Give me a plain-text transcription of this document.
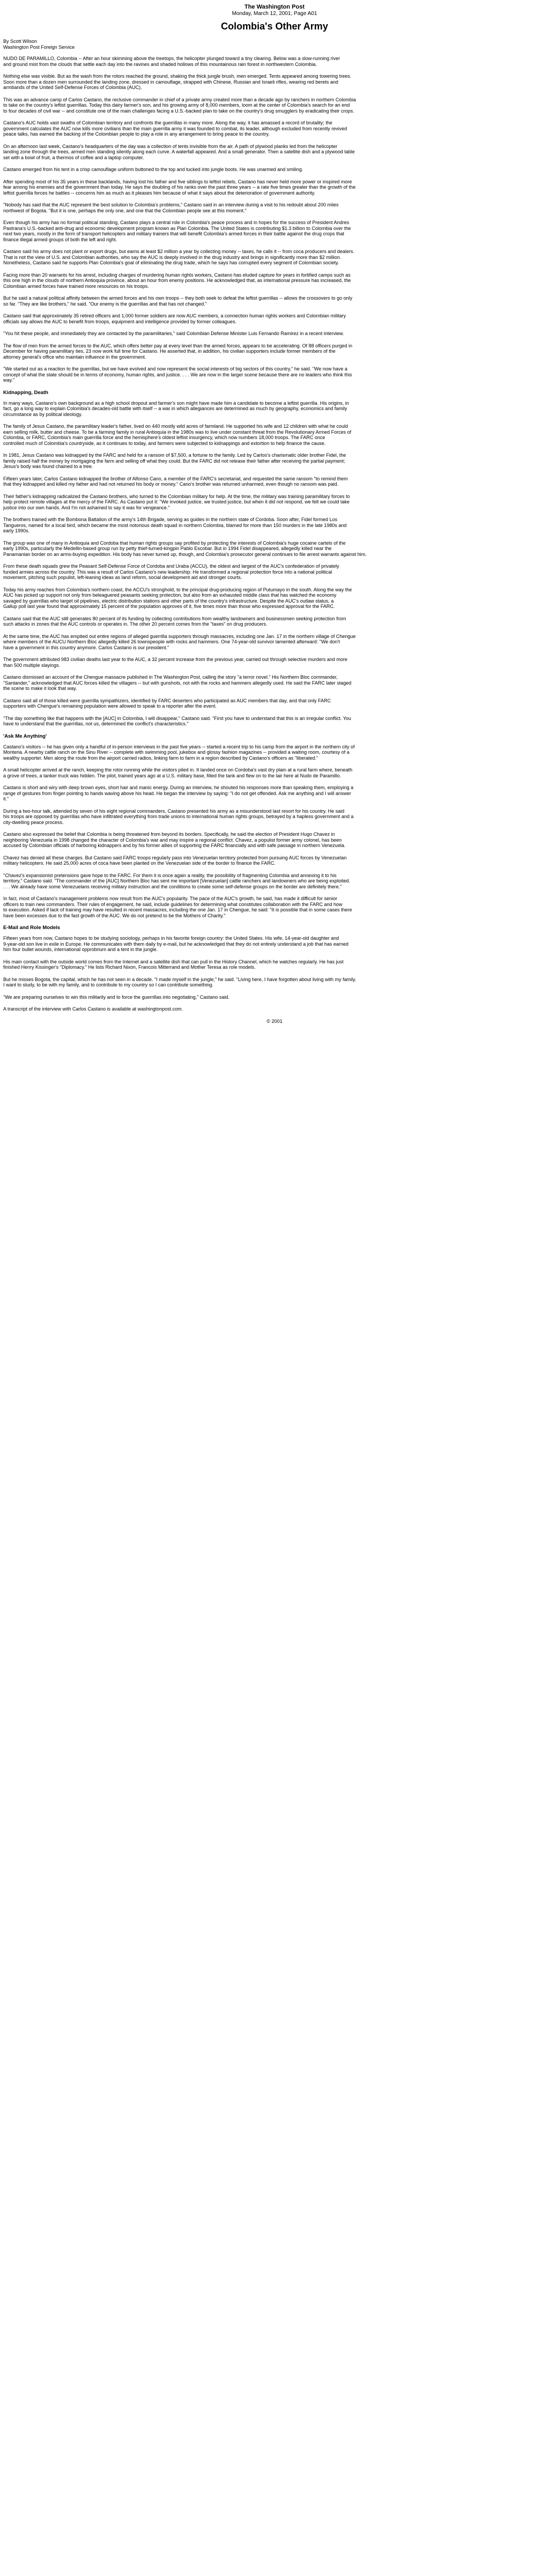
The Washington Post
Monday, March 12, 2001; Page A01
Colombia's Other Army
By Scott Wilson
Washington Post Foreign Service

NUDO DE PARAMILLO, Colombia -- After an hour skimming above the treetops, the helicopter plunged toward a tiny clearing. Below was a slow-running river
and ground mist from the clouds that settle each day into the ravines and shaded hollows of this mountainous rain forest in northwestern Colombia.

Nothing else was visible. But as the wash from the rotors reached the ground, shaking the thick jungle brush, men emerged. Tents appeared among towering trees.
Soon more than a dozen men surrounded the landing zone, dressed in camouflage, strapped with Chinese, Russian and Israeli rifles, wearing red berets and
armbands of the United Self-Defense Forces of Colombia (AUC).

This was an advance camp of Carlos Castano, the reclusive commander in chief of a private army created more than a decade ago by ranchers in northern Colombia
to take on the country's leftist guerrillas. Today this dairy farmer's son, and his growing army of 8,000 members, loom at the center of Colombia's search for an end
to four decades of civil war -- and constitute one of the main challenges facing a U.S.-backed plan to take on the country's drug smugglers by eradicating their crops.

Castano's AUC holds vast swaths of Colombian territory and confronts the guerrillas in many more. Along the way, it has amassed a record of brutality; the
government calculates the AUC now kills more civilians than the main guerrilla army it was founded to combat, its leader, although excluded from recently revived
peace talks, has earned the backing of the Colombian people to play a role in any arrangement to bring peace to the country.

On an afternoon last week, Castano's headquarters of the day was a collection of tents invisible from the air. A path of plywood planks led from the helicopter
landing zone through the trees, armed men standing silently along each curve. A waterfall appeared. And a small generator. Then a satellite dish and a plywood table
set with a bowl of fruit, a thermos of coffee and a laptop computer.

Castano emerged from his tent in a crisp camouflage uniform buttoned to the top and tucked into jungle boots. He was unarmed and smiling.

After spending most of his 35 years in these backlands, having lost his father and five siblings to leftist rebels, Castano has never held more power or inspired more
fear among his enemies and the government than today. He says the doubling of his ranks over the past three years -- a rate five times greater than the growth of the
leftist guerrilla forces he battles -- concerns him as much as it pleases him because of what it says about the deterioration of government authority.

"Nobody has said that the AUC represent the best solution to Colombia's problems," Castano said in an interview during a visit to his redoubt about 200 miles
northwest of Bogota. "But it is one, perhaps the only one, and one that the Colombian people see at this moment."

Even though his army has no formal political standing, Castano plays a central role in Colombia's peace process and in hopes for the success of President Andres
Pastrana's U.S.-backed anti-drug and economic development program known as Plan Colombia. The United States is contributing $1.3 billion to Colombia over the
next two years, mostly in the form of transport helicopters and military trainers that will benefit Colombia's armed forces in their battle against the drug crops that
finance illegal armed groups of both the left and right.

Castano said his army does not plant or export drugs, but earns at least $2 million a year by collecting money -- taxes, he calls it -- from coca producers and dealers.
That is not the view of U.S. and Colombian authorities, who say the AUC is deeply involved in the drug industry and brings in significantly more than $2 million.
Nonetheless, Castano said he supports Plan Colombia's goal of eliminating the drug trade, which he says has corrupted every segment of Colombian society.

Facing more than 20 warrants for his arrest, including charges of murdering human rights workers, Castano has eluded capture for years in fortified camps such as
this one high in the clouds of northern Antioquia province, about an hour from enemy positions. He acknowledged that, as international pressure has increased, the
Colombian armed forces have trained more resources on his troops.

But he said a natural political affinity between the armed forces and his own troops -- they both seek to defeat the leftist guerrillas -- allows the crossovers to go only
so far. "They are like brothers," he said. "Our enemy is the guerrillas and that has not changed."

Castano said that approximately 35 retired officers and 1,000 former soldiers are now AUC members, a connection human rights workers and Colombian military
officials say allows the AUC to benefit from troops, equipment and intelligence provided by former colleagues.

"You hit these people, and immediately they are contacted by the paramilitaries," said Colombian Defense Minister Luis Fernando Ramirez in a recent interview.

The flow of men from the armed forces to the AUC, which offers better pay at every level than the armed forces, appears to be accelerating. Of 88 officers purged in
December for having paramilitary ties, 23 now work full time for Castano. He asserted that, in addition, his civilian supporters include former members of the
attorney general's office who maintain influence in the government.

"We started out as a reaction to the guerrillas, but we have evolved and now represent the social interests of big sectors of this country," he said. "We now have a
concept of what the state should be in terms of economy, human rights, and justice. . . . We are now in the larger scene because there are no leaders who think this
way."

Kidnapping, Death

In many ways, Castano's own background as a high school dropout and farmer's son might have made him a candidate to become a leftist guerrilla. His origins, in
fact, go a long way to explain Colombia's decades-old battle with itself -- a war in which allegiances are determined as much by geography, economics and family
circumstance as by political ideology.

The family of Jesus Castano, the paramilitary leader's father, lived on 440 mostly wild acres of farmland. He supported his wife and 12 children with what he could
earn selling milk, butter and cheese. To be a farming family in rural Antioquia in the 1980s was to live under constant threat from the Revolutionary Armed Forces of
Colombia, or FARC, Colombia's main guerrilla force and the hemisphere's oldest leftist insurgency, which now numbers 18,000 troops. The FARC once
controlled much of Colombia's countryside, as it continues to today, and farmers were subjected to kidnappings and extortion to help finance the cause.

In 1981, Jesus Castano was kidnapped by the FARC and held for a ransom of $7,500, a fortune to the family. Led by Carlos's charismatic older brother Fidel, the
family raised half the money by mortgaging the farm and selling off what they could. But the FARC did not release their father after receiving the partial payment;
Jesus's body was found chained to a tree.

Fifteen years later, Carlos Castano kidnapped the brother of Alfonso Cano, a member of the FARC's secretariat, and requested the same ransom "to remind them
that they kidnapped and killed my father and had not returned his body or money." Cano's brother was returned unharmed, even though no ransom was paid.

Their father's kidnapping radicalized the Castano brothers, who turned to the Colombian military for help. At the time, the military was training paramilitary forces to
help protect remote villages at the mercy of the FARC. As Castano put it: "We invoked justice, we trusted justice, but when it did not respond, we felt we could take
justice into our own hands. And I'm not ashamed to say it was for vengeance."

The brothers trained with the Bombona Battalion of the army's 14th Brigade, serving as guides in the northern state of Cordoba. Soon after, Fidel formed Los
Tangueros, named for a local bird, which became the most notorious death squad in northern Colombia, blamed for more than 150 murders in the late 1980s and
early 1990s.

The group was one of many in Antioquia and Cordoba that human rights groups say profited by protecting the interests of Colombia's huge cocaine cartels of the
early 1990s, particularly the Medellin-based group run by petty thief-turned-kingpin Pablo Escobar. But in 1994 Fidel disappeared, allegedly killed near the
Panamanian border on an arms-buying expedition. His body has never turned up, though, and Colombia's prosecutor general continues to file arrest warrants against him.

From these death squads grew the Peasant Self-Defense Force of Cordoba and Uraba (ACCU), the oldest and largest of the AUC's confederation of privately
funded armies across the country. This was a result of Carlos Castano's new leadership: He transformed a regional protection force into a national political
movement, pitching such populist, left-leaning ideas as land reform, social development aid and stronger courts.

Today his army reaches from Colombia's northern coast, the ACCU's stronghold, to the principal drug-producing region of Putumayo in the south. Along the way the
AUC has picked up support not only from beleaguered peasants seeking protection, but also from an exhausted middle class that has watched the economy
savaged by guerrillas who target oil pipelines, electric distribution stations and other parts of the country's infrastructure. Despite the AUC's outlaw status, a
Gallup poll last year found that approximately 15 percent of the population approves of it, five times more than those who expressed approval for the FARC.

Castano said that the AUC still generates 80 percent of its funding by collecting contributions from wealthy landowners and businessmen seeking protection from
such attacks in zones that the AUC controls or operates in. The other 20 percent comes from the "taxes" on drug producers.

At the same time, the AUC has emptied out entire regions of alleged guerrilla supporters through massacres, including one Jan. 17 in the northern village of Chengue
where members of the AUCU Northern Bloc allegedly killed 26 townspeople with rocks and hammers. One 74-year-old survivor lamented afterward: "We don't
have a government in this country anymore. Carlos Castano is our president."

The government attributed 983 civilian deaths last year to the AUC, a 32 percent increase from the previous year, carried out through selective murders and more
than 500 multiple slayings.

Castano dismissed an account of the Chengue massacre published in The Washington Post, calling the story "a terror novel." His Northern Bloc commander,
"Santander," acknowledged that AUC forces killed the villagers -- but with gunshots, not with the rocks and hammers allegedly used. He said the FARC later staged
the scene to make it look that way.

Castano said all of those killed were guerrilla sympathizers, identified by FARC deserters who participated as AUC members that day, and that only FARC
supporters with Chengue's remaining population were allowed to speak to a reporter after the event.

"The day something like that happens with the [AUC] in Colombia, I will disappear," Castano said. "First you have to understand that this is an irregular conflict. You
have to understand that the guerrillas, not us, determined the conflict's characteristics."

'Ask Me Anything'

Castano's visitors -- he has given only a handful of in-person interviews in the past five years -- started a recent trip to his camp from the airport in the northern city of
Monteria. A nearby cattle ranch on the Sinu River -- complete with swimming pool, jukebox and glossy fashion magazines -- provided a waiting room, courtesy of a
wealthy supporter. Men along the route from the airport carried radios, linking farm to farm in a region described by Castano's officers as "liberated."

A small helicopter arrived at the ranch, keeping the rotor running while the visitors piled in. It landed once on Cordoba's vast dry plain at a rural farm where, beneath
a grove of trees, a tanker truck was hidden. The pilot, trained years ago at a U.S. military base, filled the tank and flew on to the lair here at Nudo de Paramillo.

Castano is short and wiry with deep brown eyes, short hair and manic energy. During an interview, he shouted his responses more than speaking them, employing a
range of gestures from finger pointing to hands waving above his head. He began the interview by saying: "I do not get offended. Ask me anything and I will answer
it."

During a two-hour talk, attended by seven of his eight regional commanders, Castano presented his army as a misunderstood last resort for his country. He said
his troops are opposed by guerrillas who have infiltrated everything from trade unions to international human rights groups, betrayed by a hapless government and a
city-dwelling peace process.

Castano also expressed the belief that Colombia is being threatened from beyond its borders. Specifically, he said the election of President Hugo Chavez in
neighboring Venezuela in 1998 changed the character of Colombia's war and may inspire a regional conflict. Chavez, a populist former army colonel, has been
accused by Colombian officials of harboring kidnappers and by his former allies of supporting the FARC financially and with safe passage in northern Venezuela.

Chavez has denied all these charges. But Castano said FARC troops regularly pass into Venezuelan territory protected from pursuing AUC forces by Venezuelan
military helicopters. He said 25,000 acres of coca have been planted on the Venezuelan side of the border to finance the FARC.

"Chavez's expansionist pretensions gave hope to the FARC. For them it is once again a reality, the possibility of fragmenting Colombia and annexing it to his
territory," Castano said. "The commander of the [AUC] Northern Bloc has sent me important [Venezuelan] cattle ranchers and landowners who are being exploited.
. . . We already have some Venezuelans receiving military instruction and the conditions to create some self-defense groups on the border are definitely there."

In fact, most of Castano's management problems now result from the AUC's popularity. The pace of the AUC's growth, he said, has made it difficult for senior
officers to train new commanders. Their rules of engagement, he said, include guidelines for determining what constitutes collaboration with the FARC and how
to execution. Asked if lack of training may have resulted in recent massacres, including the one Jan. 17 in Chengue, he said: "It is possible that in some cases there
have been excesses due to the fast growth of the AUC. We do not pretend to be the Mothers of Charity."

E-Mail and Role Models

Fifteen years from now, Castano hopes to be studying sociology, perhaps in his favorite foreign country: the United States. His wife, 14-year-old daughter and
9-year-old son live in exile in Europe. He communicates with them daily by e-mail, but he acknowledged that they do not entirely understand a job that has earned
him four bullet wounds, international opprobrium and a tent in the jungle.

His main contact with the outside world comes from the Internet and a satellite dish that can pull in the History Channel, which he watches regularly. He has just
finished Henry Kissinger's "Diplomacy." He lists Richard Nixon, Francois Mitterrand and Mother Teresa as role models.

But he misses Bogota, the capital, which he has not seen in a decade. "I made myself in the jungle," he said. "Living here, I have forgotten about living with my family.
I want to study, to be with my family, and to contribute to my country so I can contribute something.

"We are preparing ourselves to win this militarily and to force the guerrillas into negotiating," Castano said.

A transcript of the interview with Carlos Castano is available at washingtonpost.com.

© 2001
